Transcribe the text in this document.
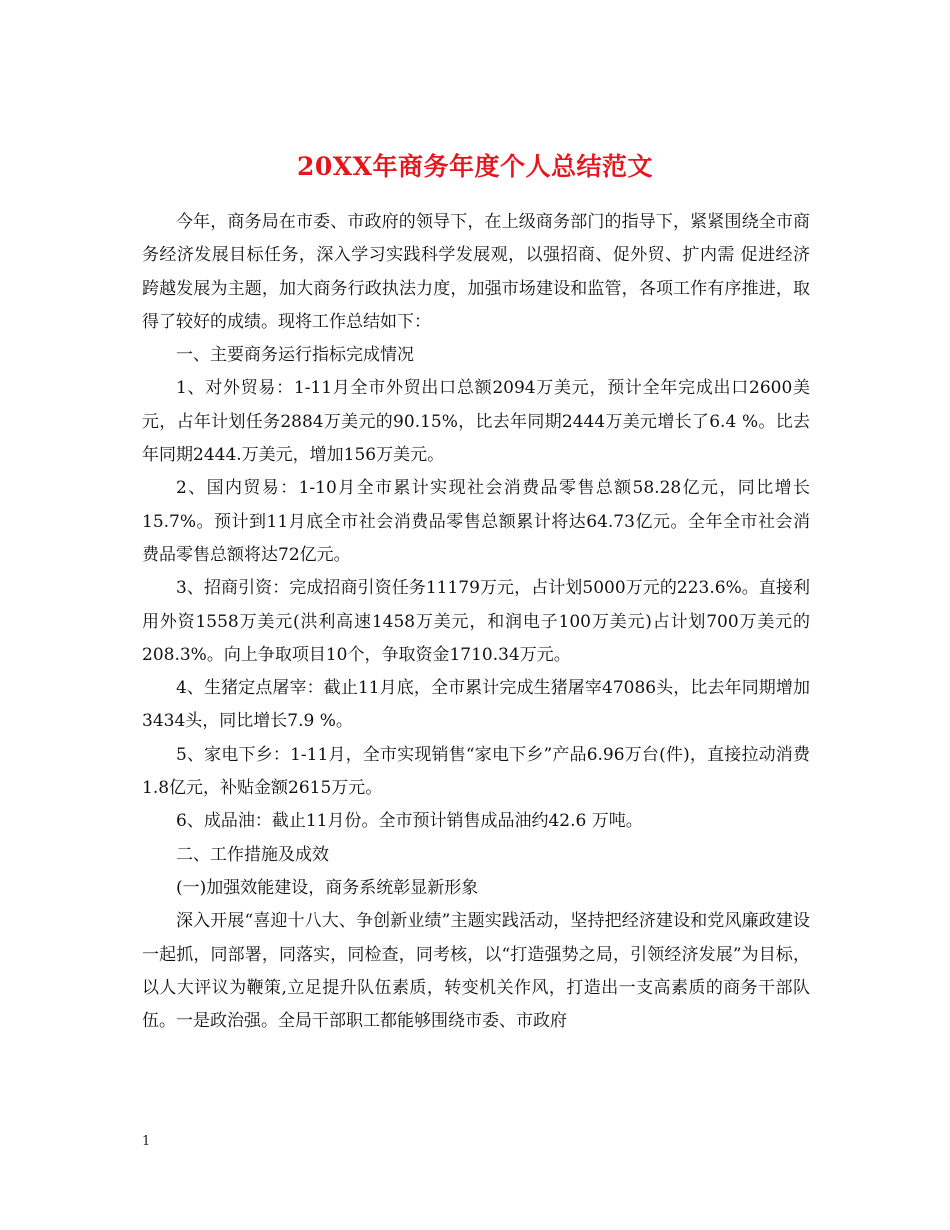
20XX年商务年度个人总结范文

今年，商务局在市委、市政府的领导下，在上级商务部门的指导下，紧紧围绕全市商务经济发展目标任务，深入学习实践科学发展观，以强招商、促外贸、扩内需 促进经济跨越发展为主题，加大商务行政执法力度，加强市场建设和监管，各项工作有序推进，取得了较好的成绩。现将工作总结如下：

一、主要商务运行指标完成情况

1、对外贸易：1-11月全市外贸出口总额2094万美元，预计全年完成出口2600美元，占年计划任务2884万美元的90.15%，比去年同期2444万美元增长了6.4 %。比去年同期2444.万美元，增加156万美元。

2、国内贸易：1-10月全市累计实现社会消费品零售总额58.28亿元，同比增长15.7%。预计到11月底全市社会消费品零售总额累计将达64.73亿元。全年全市社会消费品零售总额将达72亿元。

3、招商引资：完成招商引资任务11179万元，占计划5000万元的223.6%。直接利用外资1558万美元(洪利高速1458万美元，和润电子100万美元)占计划700万美元的208.3%。向上争取项目10个，争取资金1710.34万元。

4、生猪定点屠宰：截止11月底，全市累计完成生猪屠宰47086头，比去年同期增加3434头，同比增长7.9 %。

5、家电下乡：1-11月，全市实现销售“家电下乡”产品6.96万台(件)，直接拉动消费1.8亿元，补贴金额2615万元。

6、成品油：截止11月份。全市预计销售成品油约42.6 万吨。

二、工作措施及成效

(一)加强效能建设，商务系统彰显新形象

深入开展“喜迎十八大、争创新业绩”主题实践活动，坚持把经济建设和党风廉政建设一起抓，同部署，同落实，同检查，同考核，以“打造强势之局，引领经济发展”为目标，以人大评议为鞭策,立足提升队伍素质，转变机关作风，打造出一支高素质的商务干部队伍。一是政治强。全局干部职工都能够围绕市委、市政府

1
